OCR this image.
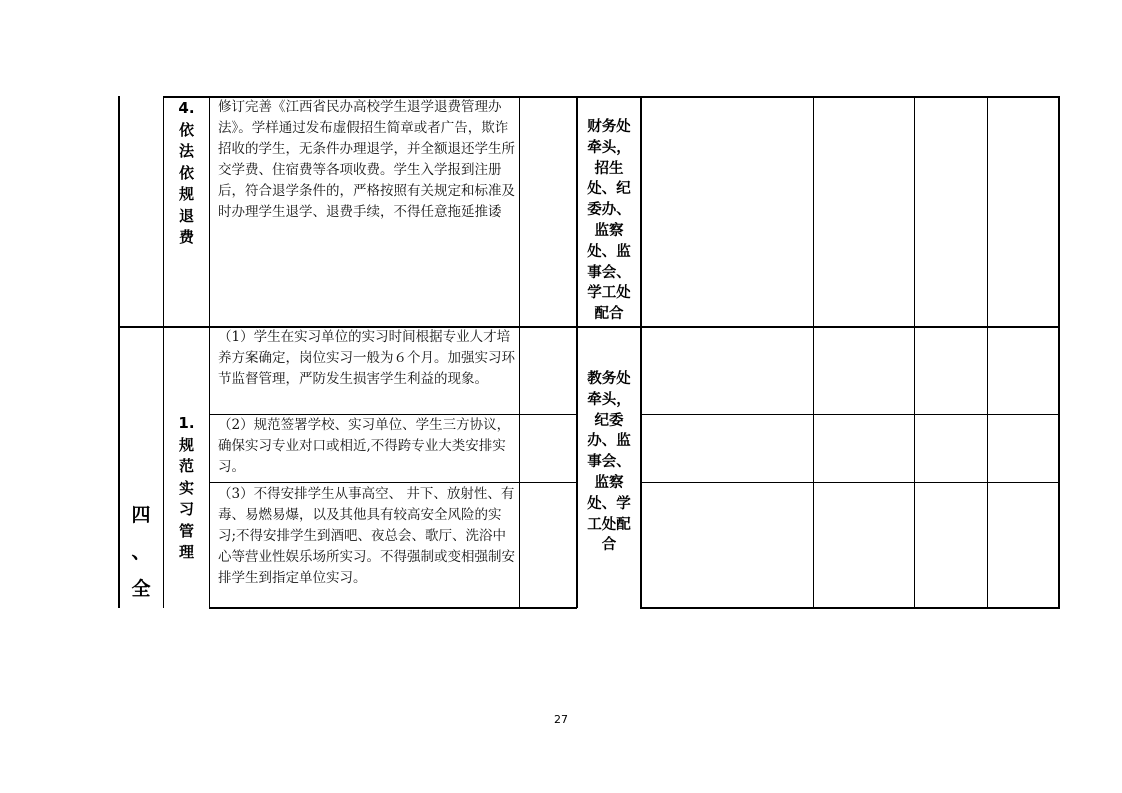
4.
依
法
依
规
退
费
修订完善《江西省民办高校学生退学退费管理办法》。学样通过发布虚假招生简章或者广告，欺诈招收的学生，无条件办理退学，并全额退还学生所交学费、住宿费等各项收费。学生入学报到注册后，符合退学条件的，严格按照有关规定和标准及时办理学生退学、退费手续，不得任意拖延推诿
财务处
牵头，
招生
处、纪
委办、
监察
处、监
事会、
学工处
配合
四
、
全
1.
规
范
实
习
管
理
（1）学生在实习单位的实习时间根据专业人才培养方案确定，岗位实习一般为６个月。加强实习环节监督管理，严防发生损害学生利益的现象。
（2）规范签署学校、实习单位、学生三方协议，确保实习专业对口或相近,不得跨专业大类安排实习。
（3）不得安排学生从事高空、 井下、放射性、有毒、易燃易爆，以及其他具有较高安全风险的实习;不得安排学生到酒吧、夜总会、歌厅、洗浴中心等营业性娱乐场所实习。不得强制或变相强制安排学生到指定单位实习。
教务处
牵头，
纪委
办、监
事会、
监察
处、学
工处配
合
27
